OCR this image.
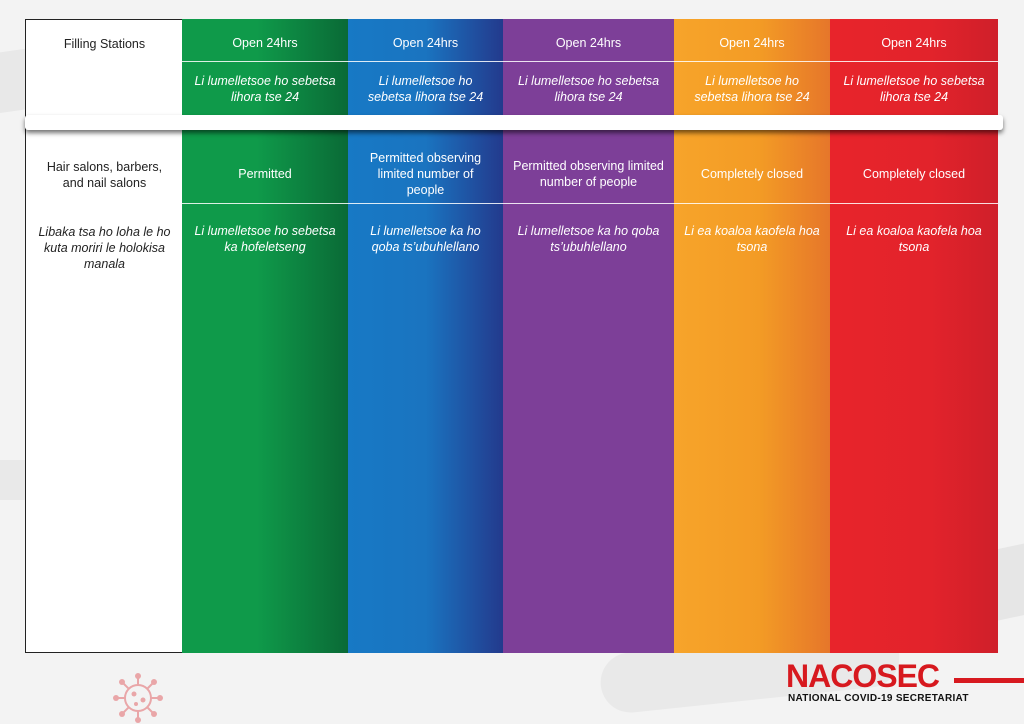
Filling Stations
Hair salons, barbers, and nail salons
Libaka tsa ho loha le ho kuta moriri le holokisa manala
Open 24hrs
Li lumelletsoe ho sebetsa lihora tse 24
Permitted
Li lumelletsoe ho sebetsa ka hofeletseng
Open 24hrs
Li lumelletsoe ho sebetsa lihora tse 24
Permitted observing limited number of people
Li lumelletsoe ka ho qoba ts’ubuhlellano
Open 24hrs
Li lumelletsoe ho sebetsa lihora tse 24
Permitted observing limited number of people
Li lumelletsoe ka ho qoba ts’ubuhlellano
Open 24hrs
Li lumelletsoe ho sebetsa lihora tse 24
Completely closed
Li ea koaloa kaofela hoa tsona
Open 24hrs
Li lumelletsoe ho sebetsa lihora tse 24
Completely closed
Li ea koaloa kaofela hoa tsona
NACOSEC
NATIONAL COVID-19 SECRETARIAT
